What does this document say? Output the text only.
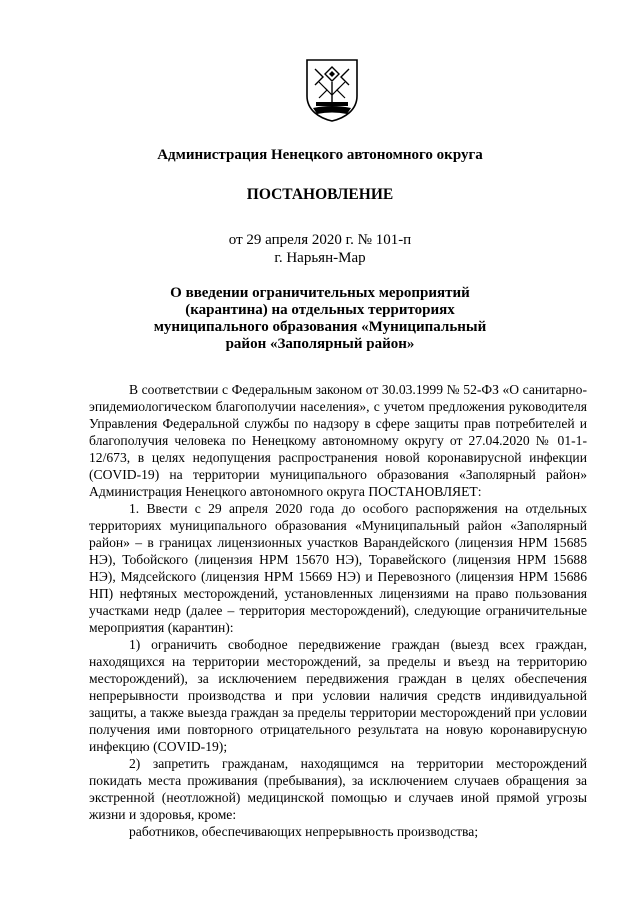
Администрация Ненецкого автономного округа
ПОСТАНОВЛЕНИЕ
от 29 апреля 2020 г. № 101-п
г. Нарьян-Мар
О введении ограничительных мероприятий
(карантина) на отдельных территориях
муниципального образования «Муниципальный
район «Заполярный район»

В соответствии с Федеральным законом от 30.03.1999 № 52-ФЗ «О санитарно-эпидемиологическом благополучии населения», с учетом предложения руководителя Управления Федеральной службы по надзору в сфере защиты прав потребителей и благополучия человека по Ненецкому автономному округу от 27.04.2020 № 01-1-12/673, в целях недопущения распространения новой коронавирусной инфекции (COVID-19) на территории муниципального образования «Заполярный район» Администрация Ненецкого автономного округа ПОСТАНОВЛЯЕТ:

1. Ввести с 29 апреля 2020 года до особого распоряжения на отдельных территориях муниципального образования «Муниципальный район «Заполярный район» – в границах лицензионных участков Варандейского (лицензия НРМ 15685 НЭ), Тобойского (лицензия НРМ 15670 НЭ), Торавейского (лицензия НРМ 15688 НЭ), Мядсейского (лицензия НРМ 15669 НЭ) и Перевозного (лицензия НРМ 15686 НП) нефтяных месторождений, установленных лицензиями на право пользования участками недр (далее – территория месторождений), следующие ограничительные мероприятия (карантин):

1) ограничить свободное передвижение граждан (выезд всех граждан, находящихся на территории месторождений, за пределы и въезд на территорию месторождений), за исключением передвижения граждан в целях обеспечения непрерывности производства и при условии наличия средств индивидуальной защиты, а также выезда граждан за пределы территории месторождений при условии получения ими повторного отрицательного результата на новую коронавирусную инфекцию (COVID-19);

2) запретить гражданам, находящимся на территории месторождений покидать места проживания (пребывания), за исключением случаев обращения за экстренной (неотложной) медицинской помощью и случаев иной прямой угрозы жизни и здоровья, кроме:

работников, обеспечивающих непрерывность производства;
